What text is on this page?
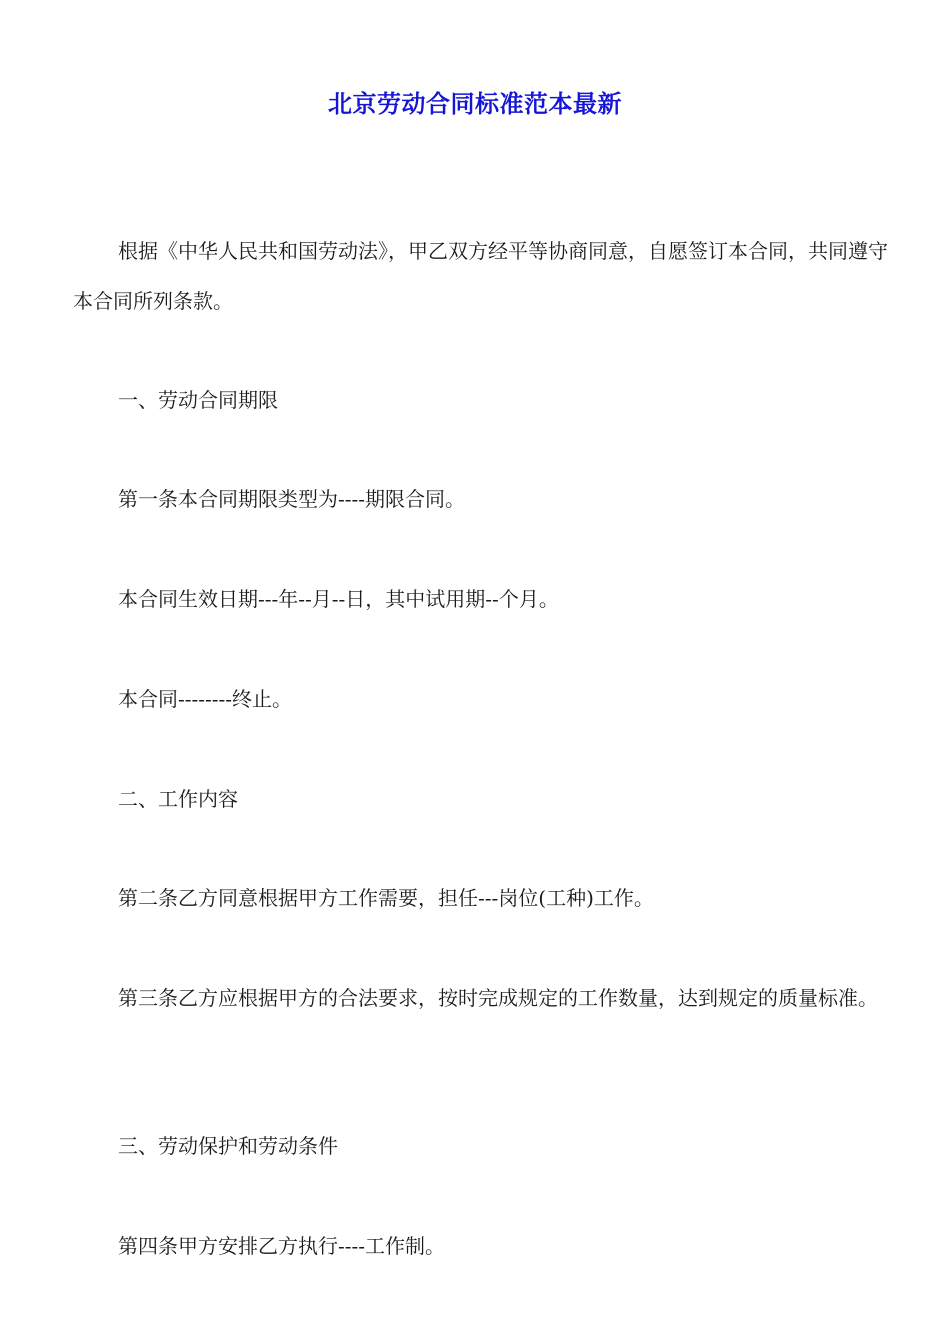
北京劳动合同标准范本最新

根据《中华人民共和国劳动法》，甲乙双方经平等协商同意，自愿签订本合同，共同遵守本合同所列条款。

一、劳动合同期限

第一条本合同期限类型为----期限合同。

本合同生效日期---年--月--日，其中试用期--个月。

本合同--------终止。

二、工作内容

第二条乙方同意根据甲方工作需要，担任---岗位(工种)工作。

第三条乙方应根据甲方的合法要求，按时完成规定的工作数量，达到规定的质量标准。

三、劳动保护和劳动条件

第四条甲方安排乙方执行----工作制。
